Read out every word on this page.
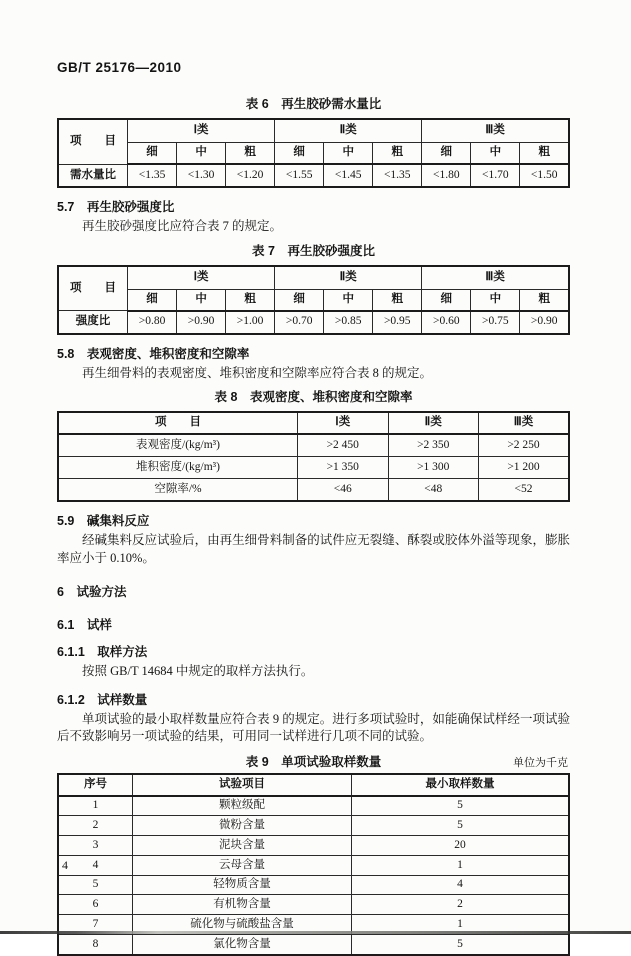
GB/T 25176—2010
表 6　再生胶砂需水量比
项　　目	Ⅰ类			Ⅱ类			Ⅲ类		
	细	中	粗	细	中	粗	细	中	粗
需水量比	<1.35	<1.30	<1.20	<1.55	<1.45	<1.35	<1.80	<1.70	<1.50
5.7　再生胶砂强度比

再生胶砂强度比应符合表 7 的规定。

表 7　再生胶砂强度比
项　　目	Ⅰ类			Ⅱ类			Ⅲ类		
	细	中	粗	细	中	粗	细	中	粗
强度比	>0.80	>0.90	>1.00	>0.70	>0.85	>0.95	>0.60	>0.75	>0.90
5.8　表观密度、堆积密度和空隙率

再生细骨料的表观密度、堆积密度和空隙率应符合表 8 的规定。

表 8　表观密度、堆积密度和空隙率
项　　目	Ⅰ类	Ⅱ类	Ⅲ类
表观密度/(kg/m³)	>2 450	>2 350	>2 250
堆积密度/(kg/m³)	>1 350	>1 300	>1 200
空隙率/%	<46	<48	<52
5.9　碱集料反应

经碱集料反应试验后，由再生细骨料制备的试件应无裂缝、酥裂或胶体外溢等现象，膨胀率应小于 0.10%。

6　试验方法
6.1　试样
6.1.1　取样方法

按照 GB/T 14684 中规定的取样方法执行。

6.1.2　试样数量

单项试验的最小取样数量应符合表 9 的规定。进行多项试验时，如能确保试样经一项试验后不致影响另一项试验的结果，可用同一试样进行几项不同的试验。

表 9　单项试验取样数量	单位为千克
序号	试验项目	最小取样数量
1	颗粒级配	5
2	微粉含量	5
3	泥块含量	20
4	云母含量	1
5	轻物质含量	4
6	有机物含量	2
7	硫化物与硫酸盐含量	1
8	氯化物含量	5
4
